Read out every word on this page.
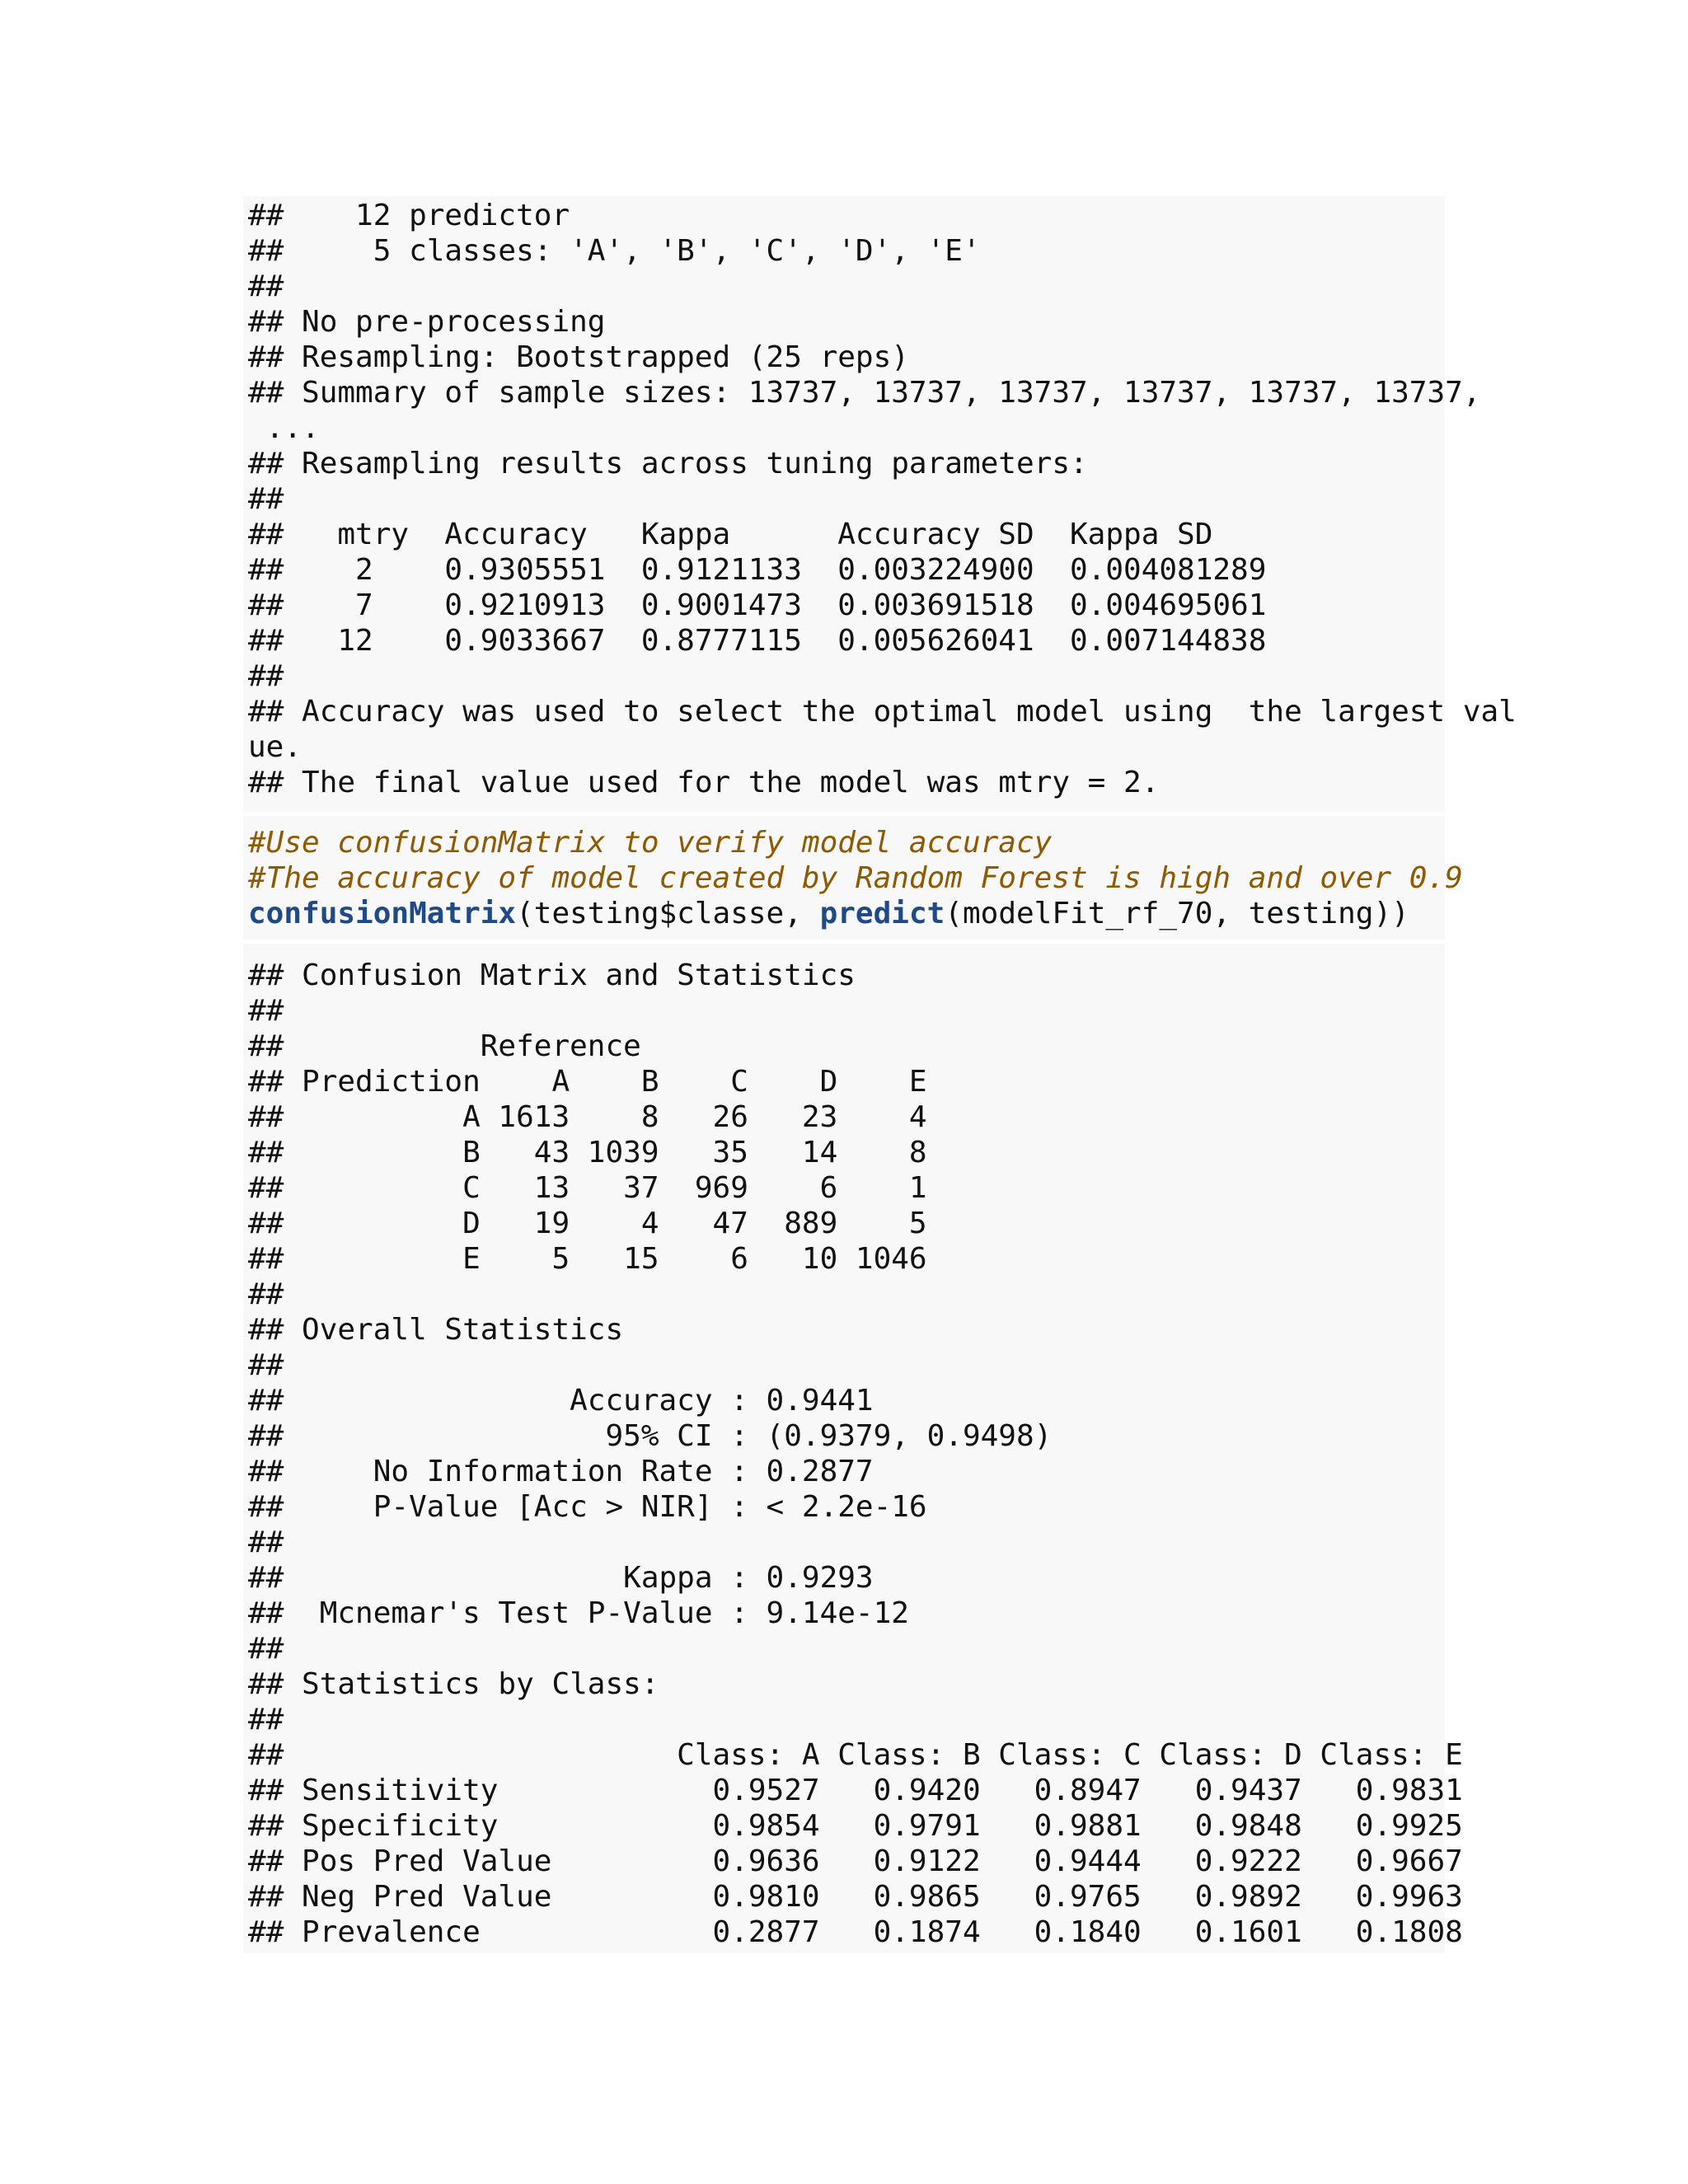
##    12 predictor
##     5 classes: 'A', 'B', 'C', 'D', 'E'
##
## No pre-processing
## Resampling: Bootstrapped (25 reps)
## Summary of sample sizes: 13737, 13737, 13737, 13737, 13737, 13737,
...
## Resampling results across tuning parameters:
##
##   mtry  Accuracy   Kappa      Accuracy SD  Kappa SD
##    2    0.9305551  0.9121133  0.003224900  0.004081289
##    7    0.9210913  0.9001473  0.003691518  0.004695061
##   12    0.9033667  0.8777115  0.005626041  0.007144838
##
## Accuracy was used to select the optimal model using  the largest val
ue.
## The final value used for the model was mtry = 2.
#Use confusionMatrix to verify model accuracy
#The accuracy of model created by Random Forest is high and over 0.9
confusionMatrix(testing$classe, predict(modelFit_rf_70, testing))
## Confusion Matrix and Statistics
##
##           Reference
## Prediction    A    B    C    D    E
##          A 1613    8   26   23    4
##          B   43 1039   35   14    8
##          C   13   37  969    6    1
##          D   19    4   47  889    5
##          E    5   15    6   10 1046
##
## Overall Statistics
##
##                Accuracy : 0.9441
##                  95% CI : (0.9379, 0.9498)
##     No Information Rate : 0.2877
##     P-Value [Acc > NIR] : < 2.2e-16
##
##                   Kappa : 0.9293
##  Mcnemar's Test P-Value : 9.14e-12
##
## Statistics by Class:
##
##                      Class: A Class: B Class: C Class: D Class: E
## Sensitivity            0.9527   0.9420   0.8947   0.9437   0.9831
## Specificity            0.9854   0.9791   0.9881   0.9848   0.9925
## Pos Pred Value         0.9636   0.9122   0.9444   0.9222   0.9667
## Neg Pred Value         0.9810   0.9865   0.9765   0.9892   0.9963
## Prevalence             0.2877   0.1874   0.1840   0.1601   0.1808
